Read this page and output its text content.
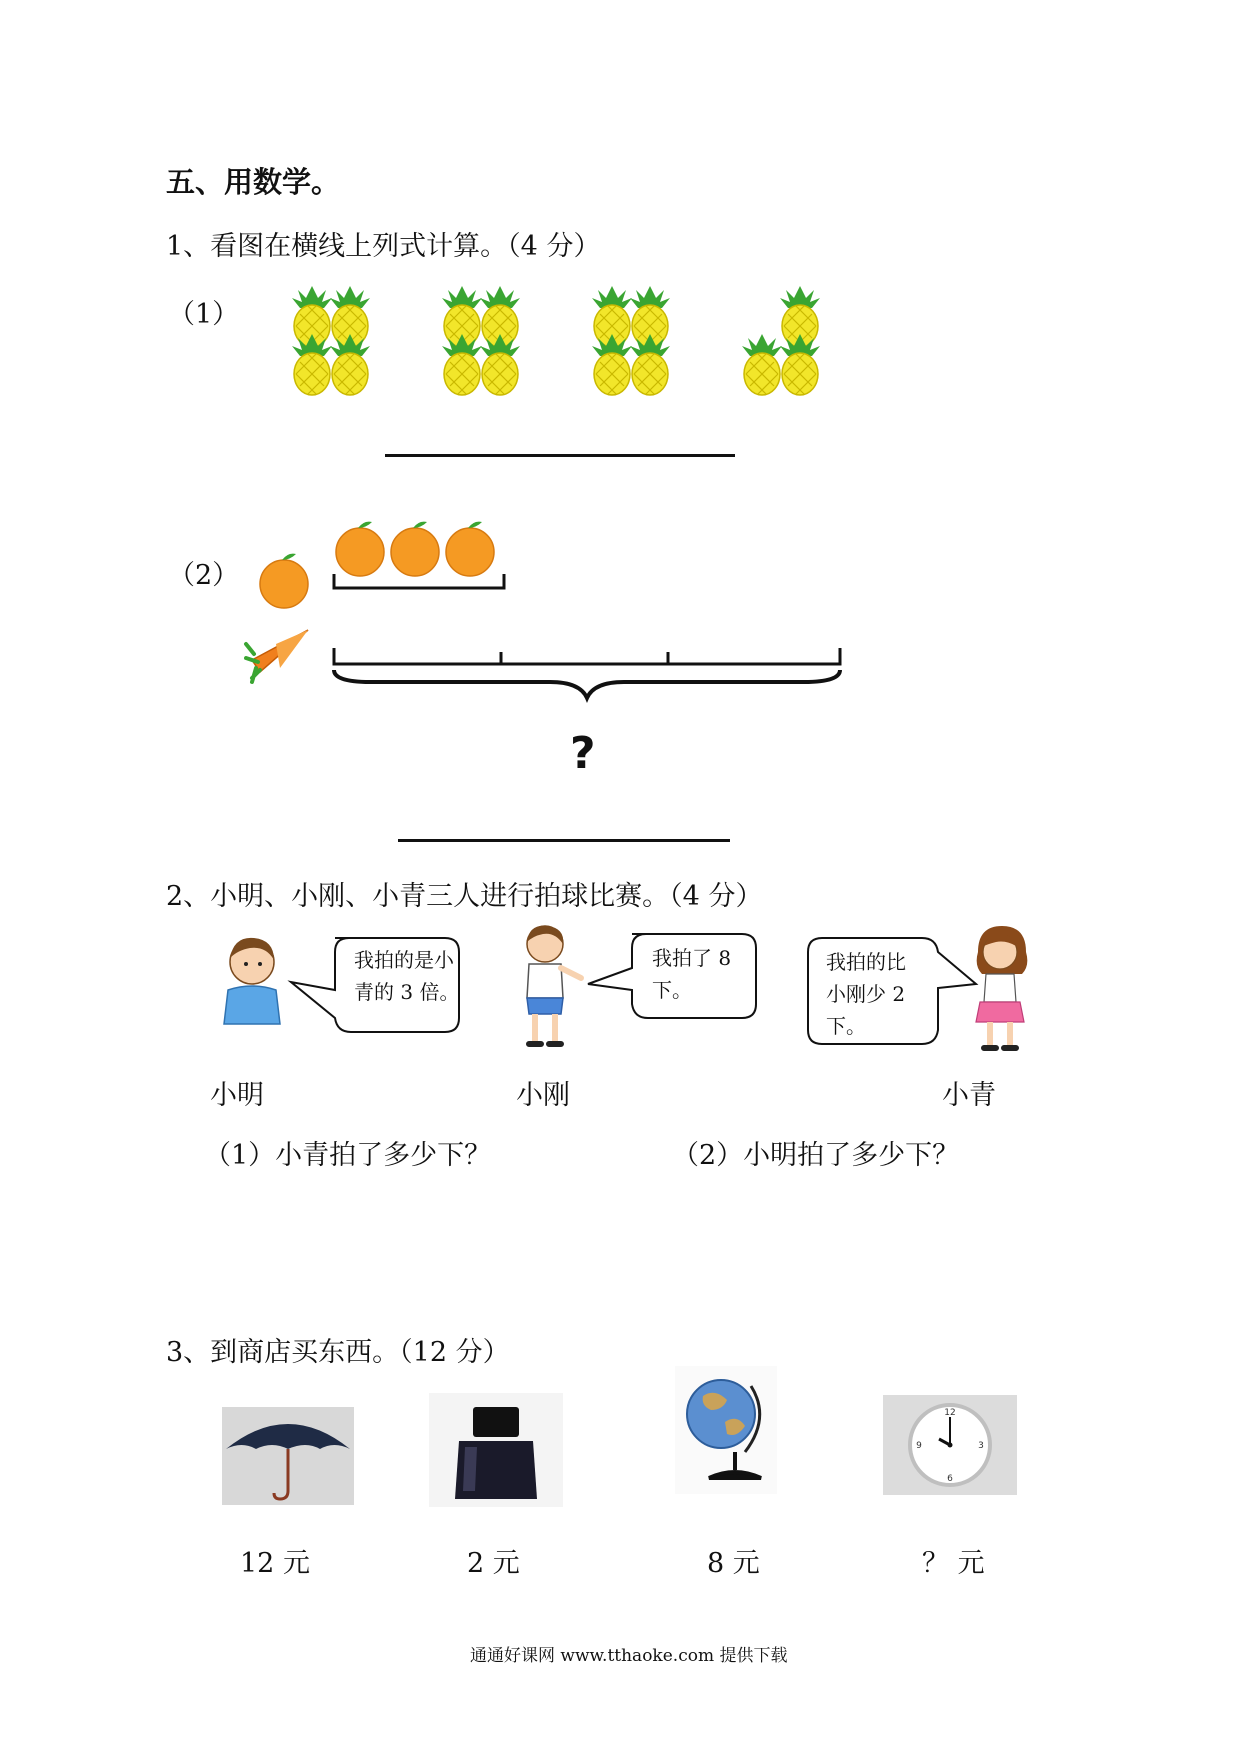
五、用数学。
1、看图在横线上列式计算。（4 分）
（1）
（2）
?
2、小明、小刚、小青三人进行拍球比赛。（4 分）
我拍的是小
青的 3 倍。
我拍了 8
下。
我拍的比
小刚少 2
下。
小明	小刚	小青
（1）小青拍了多少下？	（2）小明拍了多少下？
3、到商店买东西。（12 分）
12
3
6
9
12 元	2 元	8 元	？ 元
通通好课网 www.tthaoke.com 提供下载
